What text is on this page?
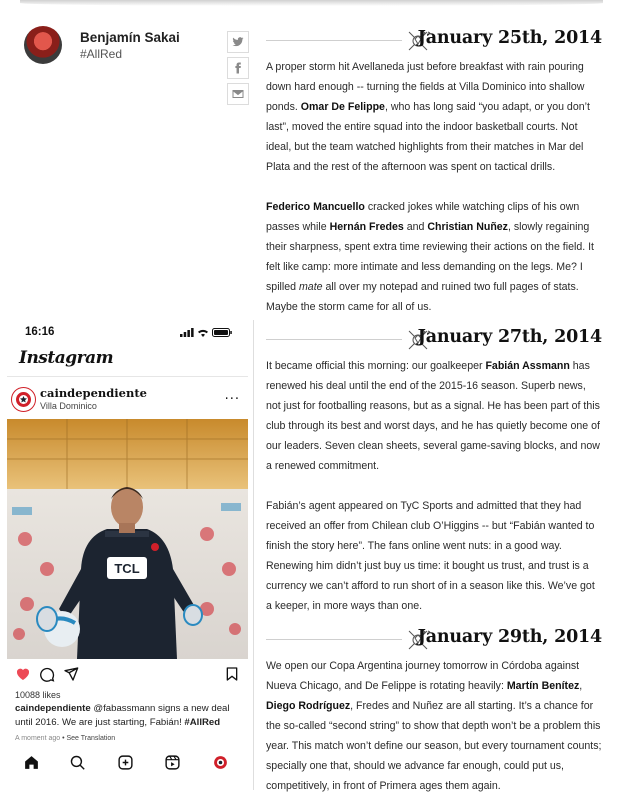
Benjamín Sakai
#AllRed
January 25th, 2014

A proper storm hit Avellaneda just before breakfast with rain pouring down hard enough -- turning the fields at Villa Dominico into shallow ponds. Omar De Felippe, who has long said “you adapt, or you don’t last”, moved the entire squad into the indoor basketball courts. Not ideal, but the team watched highlights from their matches in Mar del Plata and the rest of the afternoon was spent on tactical drills.

Federico Mancuello cracked jokes while watching clips of his own passes while Hernán Fredes and Christian Nuñez, slowly regaining their sharpness, spent extra time reviewing their actions on the field. It felt like camp: more intimate and less demanding on the legs. Me? I spilled mate all over my notepad and ruined two full pages of stats. Maybe the storm came for all of us.

January 27th, 2014

It became official this morning: our goalkeeper Fabián Assmann has renewed his deal until the end of the 2015-16 season. Superb news, not just for footballing reasons, but as a signal. He has been part of this club through its best and worst days, and he has quietly become one of our leaders. Seven clean sheets, several game-saving blocks, and now a renewed commitment.

Fabián’s agent appeared on TyC Sports and admitted that they had received an offer from Chilean club O’Higgins -- but “Fabián wanted to finish the story here”. The fans online went nuts: in a good way. Renewing him didn’t just buy us time: it bought us trust, and trust is a currency we can’t afford to run short of in a season like this. We’ve got a keeper, in more ways than one.

January 29th, 2014

We open our Copa Argentina journey tomorrow in Córdoba against Nueva Chicago, and De Felippe is rotating heavily: Martín Benítez, Diego Rodríguez, Fredes and Nuñez are all starting. It’s a chance for the so-called “second string” to show that depth won’t be a problem this year. This match won’t define our season, but every tournament counts; specially one that, should we advance far enough, could put us, competitively, in front of Primera ages them again.

16:16
Instagram
caindependiente
Villa Dominico
...
TCL
10088 likes
caindependiente @fabassmann signs a new deal until 2016. We are just starting, Fabián! #AllRed
A moment ago • See Translation
